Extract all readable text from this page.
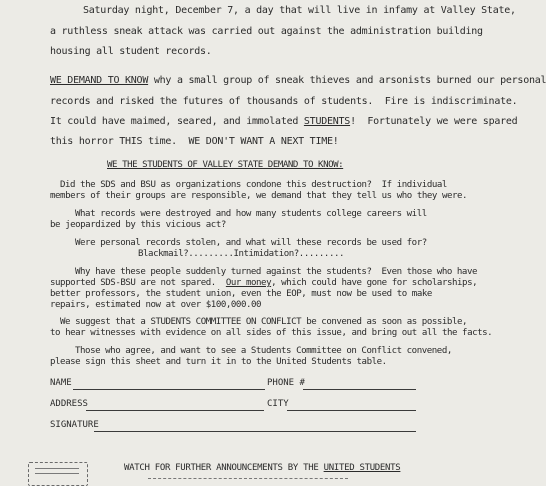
Saturday night, December 7, a day that will live in infamy at Valley State,
a ruthless sneak attack was carried out against the administration building
housing all student records.
WE DEMAND TO KNOW why a small group of sneak thieves and arsonists burned our personal
records and risked the futures of thousands of students.  Fire is indiscriminate.
It could have maimed, seared, and immolated STUDENTS!  Fortunately we were spared
this horror THIS time.  WE DON'T WANT A NEXT TIME!
WE THE STUDENTS OF VALLEY STATE DEMAND TO KNOW:
Did the SDS and BSU as organizations condone this destruction?  If individual
members of their groups are responsible, we demand that they tell us who they were.
What records were destroyed and how many students college careers will
be jeopardized by this vicious act?
Were personal records stolen, and what will these records be used for?
Blackmail?.........Intimidation?.........
Why have these people suddenly turned against the students?  Even those who have
supported SDS-BSU are not spared.  Our money, which could have gone for scholarships,
better professors, the student union, even the EOP, must now be used to make
repairs, estimated now at over $100,000.00
We suggest that a STUDENTS COMMITTEE ON CONFLICT be convened as soon as possible,
to hear witnesses with evidence on all sides of this issue, and bring out all the facts.
Those who agree, and want to see a Students Committee on Conflict convened,
please sign this sheet and turn it in to the United Students table.
NAME	PHONE #
ADDRESS	CITY
SIGNATURE
WATCH FOR FURTHER ANNOUNCEMENTS BY THE UNITED STUDENTS
